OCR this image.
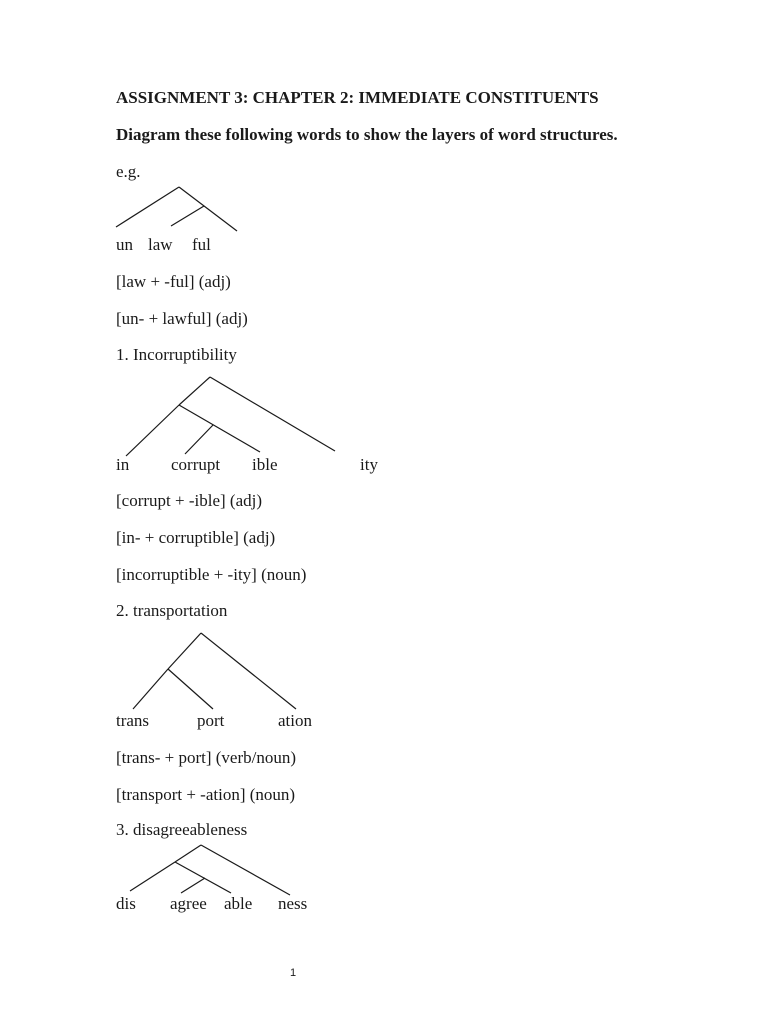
ASSIGNMENT 3: CHAPTER 2: IMMEDIATE CONSTITUENTS
Diagram these following words to show the layers of word structures.
e.g.
un law ful
[law + -ful] (adj)
[un- + lawful] (adj)
1. Incorruptibility
in corrupt ible	ity
[corrupt + -ible] (adj)
[in- + corruptible] (adj)
[incorruptible + -ity] (noun)
2. transportation
trans	port	ation
[trans- + port] (verb/noun)
[transport + -ation] (noun)
3. disagreeableness
dis agree able ness
1
